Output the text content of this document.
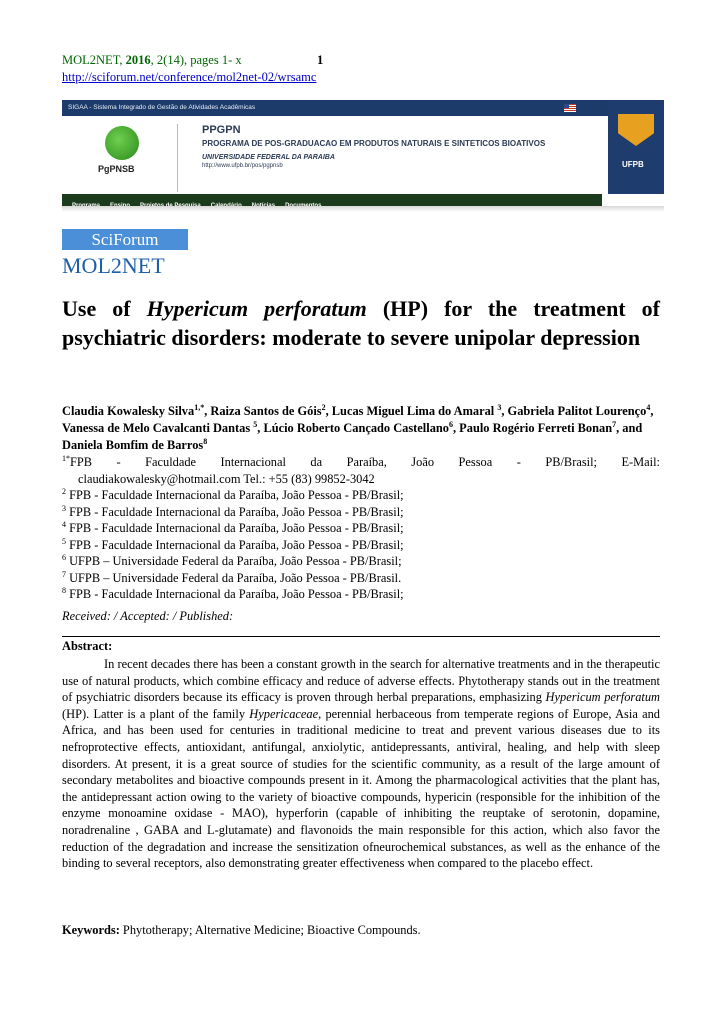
MOL2NET, 2016, 2(14), pages 1- x	1
http://sciforum.net/conference/mol2net-02/wrsamc
SIGAA - Sistema Integrado de Gestão de Atividades Acadêmicas
PgPNSB
PPGPN
PROGRAMA DE POS-GRADUACAO EM PRODUTOS NATURAIS E SINTETICOS BIOATIVOS
UNIVERSIDADE FEDERAL DA PARAIBA
http://www.ufpb.br/pos/pgpnsb	UFPB
SciForum
MOL2NET
Use of Hypericum perforatum (HP) for the treatment of psychiatric disorders: moderate to severe unipolar depression
Claudia Kowalesky Silva$^{1,*}$, Raiza Santos de Góis$^2$, Lucas Miguel Lima do Amaral $^3$, Gabriela Palitot Lourenço$^4$, Vanessa de Melo Cavalcanti Dantas $^5$, Lúcio Roberto Cançado Castellano$^6$, Paulo Rogério Ferreti Bonan$^7$, and Daniela Bomfim de Barros$^8$
$^{1*}$FPB - Faculdade Internacional da Paraíba, João Pessoa - PB/Brasil; E-Mail:
claudiakowalesky@hotmail.com Tel.: +55 (83) 99852-3042
$^2$ FPB - Faculdade Internacional da Paraíba, João Pessoa - PB/Brasil;
$^3$ FPB - Faculdade Internacional da Paraíba, João Pessoa - PB/Brasil;
$^4$ FPB - Faculdade Internacional da Paraíba, João Pessoa - PB/Brasil;
$^5$ FPB - Faculdade Internacional da Paraíba, João Pessoa - PB/Brasil;
$^6$ UFPB – Universidade Federal da Paraíba, João Pessoa - PB/Brasil;
$^7$ UFPB – Universidade Federal da Paraíba, João Pessoa - PB/Brasil.
$^8$ FPB - Faculdade Internacional da Paraíba, João Pessoa - PB/Brasil;
Received: / Accepted: / Published:
Abstract:
In recent decades there has been a constant growth in the search for alternative treatments and in the therapeutic use of natural products, which combine efficacy and reduce of adverse effects. Phytotherapy stands out in the treatment of psychiatric disorders because its efficacy is proven through herbal preparations, emphasizing Hypericum perforatum (HP). Latter is a plant of the family Hypericaceae, perennial herbaceous from temperate regions of Europe, Asia and Africa, and has been used for centuries in traditional medicine to treat and prevent various diseases due to its nefroprotective effects, antioxidant, antifungal, anxiolytic, antidepressants, antiviral, healing, and help with sleep disorders. At present, it is a great source of studies for the scientific community, as a result of the large amount of secondary metabolites and bioactive compounds present in it. Among the pharmacological activities that the plant has, the antidepressant action owing to the variety of bioactive compounds, hypericin (responsible for the inhibition of the enzyme monoamine oxidase - MAO), hyperforin (capable of inhibiting the reuptake of serotonin, dopamine, noradrenaline , GABA and L-glutamate) and flavonoids the main responsible for this action, which also favor the reduction of the degradation and increase the sensitization ofneurochemical substances, as well as the enhance of the binding to several receptors, also demonstrating greater effectiveness when compared to the placebo effect.
Keywords: Phytotherapy; Alternative Medicine; Bioactive Compounds.
